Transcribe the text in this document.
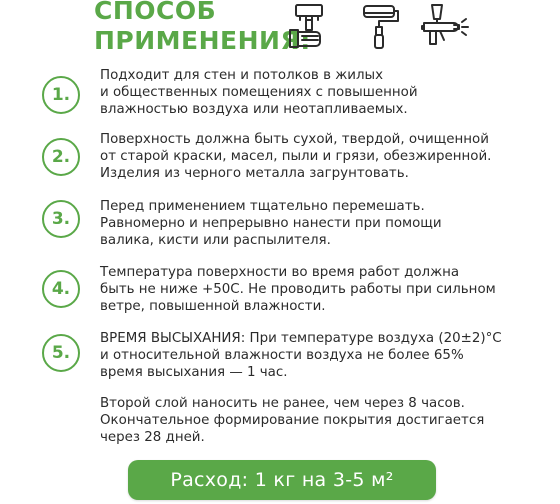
СПОСОБ
ПРИМЕНЕНИЯ:
1.
Подходит для стен и потолков в жилых
и общественных помещениях с повышенной
влажностью воздуха или неотапливаемых.
2.
Поверхность должна быть сухой, твердой, очищенной
от старой краски, масел, пыли и грязи, обезжиренной.
Изделия из черного металла загрунтовать.
3.
Перед применением тщательно перемешать.
Равномерно и непрерывно нанести при помощи
валика, кисти или распылителя.
4.
Температура поверхности во время работ должна
быть не ниже +50С. Не проводить работы при сильном
ветре, повышенной влажности.
5.
ВРЕМЯ ВЫСЫХАНИЯ: При температуре воздуха (20±2)°С
и относительной влажности воздуха не более 65%
время высыхания — 1 час.
Второй слой наносить не ранее, чем через 8 часов.
Окончательное формирование покрытия достигается
через 28 дней.
Расход: 1 кг на 3-5 м²
